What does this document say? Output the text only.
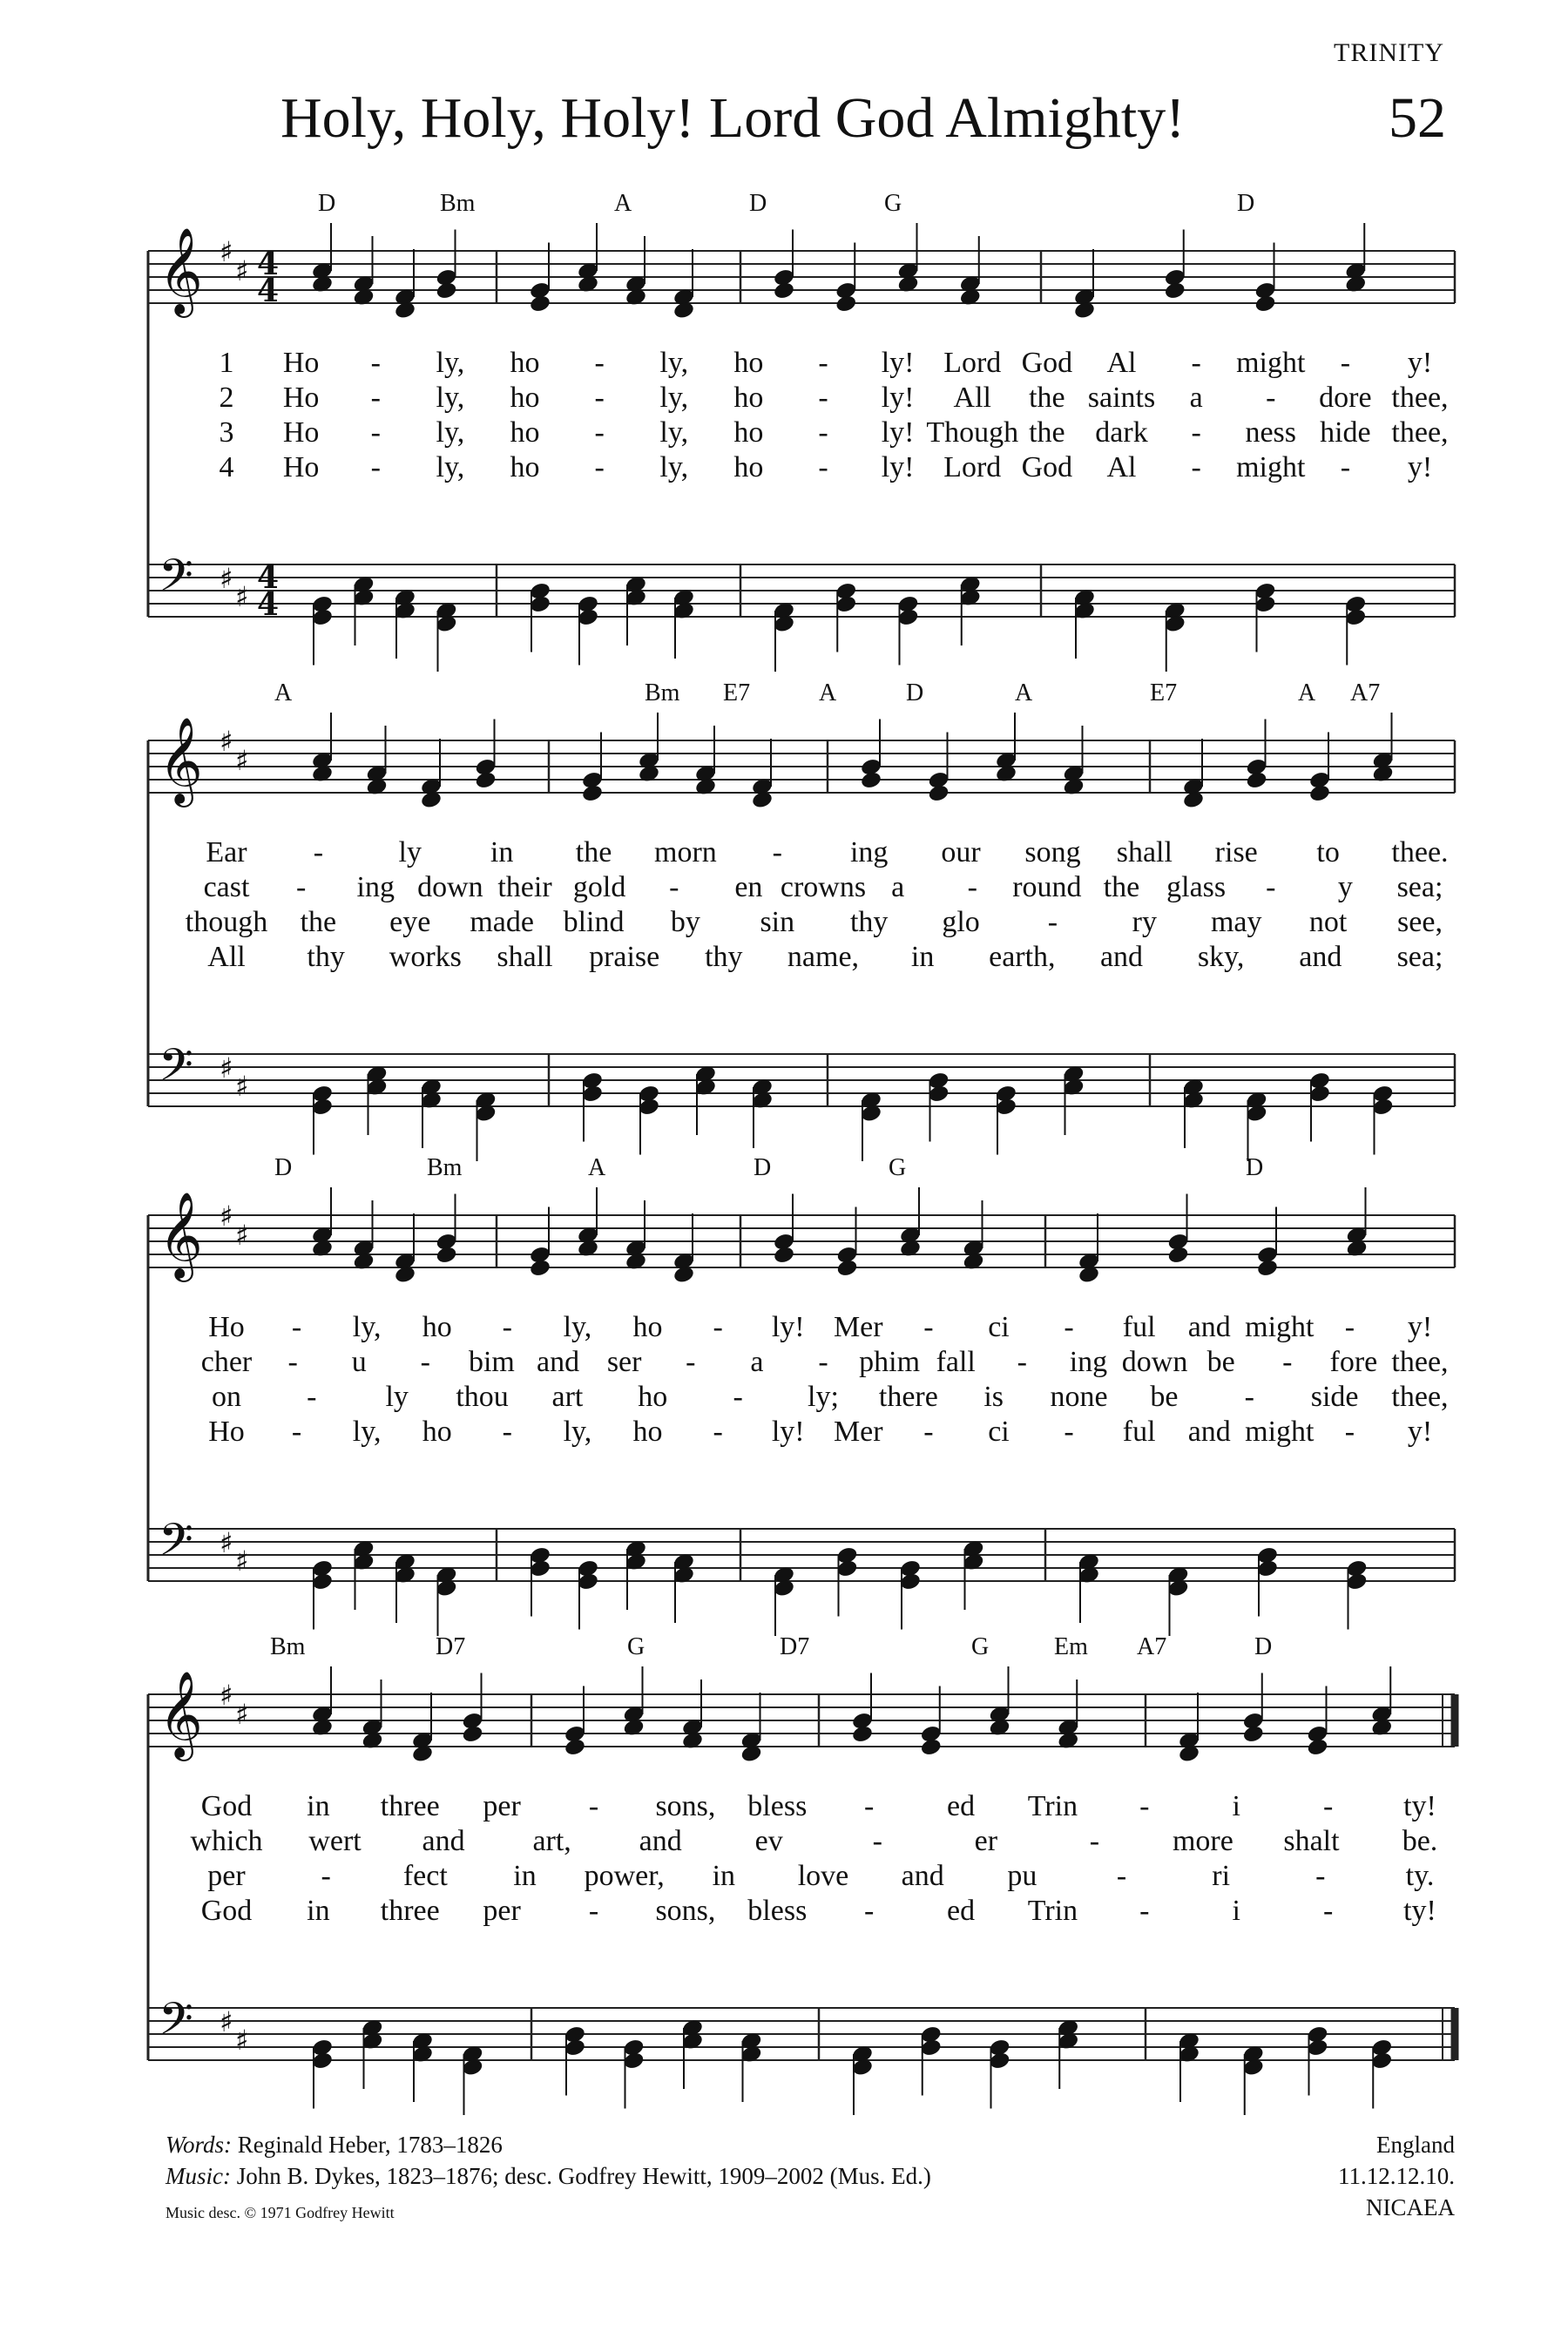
TRINITY
Holy, Holy, Holy! Lord God Almighty!	52
D	Bm	A	D	G	D
𝄞 ♯
♯ 4
4
𝄢 ♯
♯
4
4
1 Ho - ly, ho - ly, ho - ly! Lord God Al - might - y!
2 Ho - ly, ho - ly, ho - ly! All the saints a - dore thee,
3 Ho - ly, ho - ly, ho - ly! Though the dark - ness hide thee,
4 Ho - ly, ho - ly, ho - ly! Lord God Al - might - y!
A	Bm E7	A	D	A	E7	A A7
𝄞 ♯
♯
𝄢 ♯
♯
Ear -	ly in the morn - ing our song shall rise to thee.
cast - ing down their gold - en crowns a - round the glass - y sea;
though the eye made blind by sin thy glo -	ry may not see,
All thy works shall praise thy name, in earth, and sky, and sea;
D	Bm	A	D	G	D
𝄞 ♯
♯
𝄢 ♯
♯
Ho - ly, ho - ly, ho - ly! Mer - ci - ful and might - y!
cher - u - bim and ser - a - phim fall - ing down be - fore thee,
on - ly thou art ho - ly; there is none be - side thee,
Ho - ly, ho - ly, ho - ly! Mer - ci - ful and might - y!
Bm	D7	G	D7	G	Em A7	D
𝄞 ♯
♯
𝄢 ♯
♯
God in three per - sons, bless - ed Trin -	i	- ty!
which wert and art, and ev	-	er	- more shalt be.
per	- fect in power, in love and pu	-	ri	-	ty.
God in three per - sons, bless - ed Trin -	i	- ty!
Words: Reginald Heber, 1783–1826
Music: John B. Dykes, 1823–1876; desc. Godfrey Hewitt, 1909–2002 (Mus. Ed.)
Music desc. © 1971 Godfrey Hewitt
England
11.12.12.10.
NICAEA
